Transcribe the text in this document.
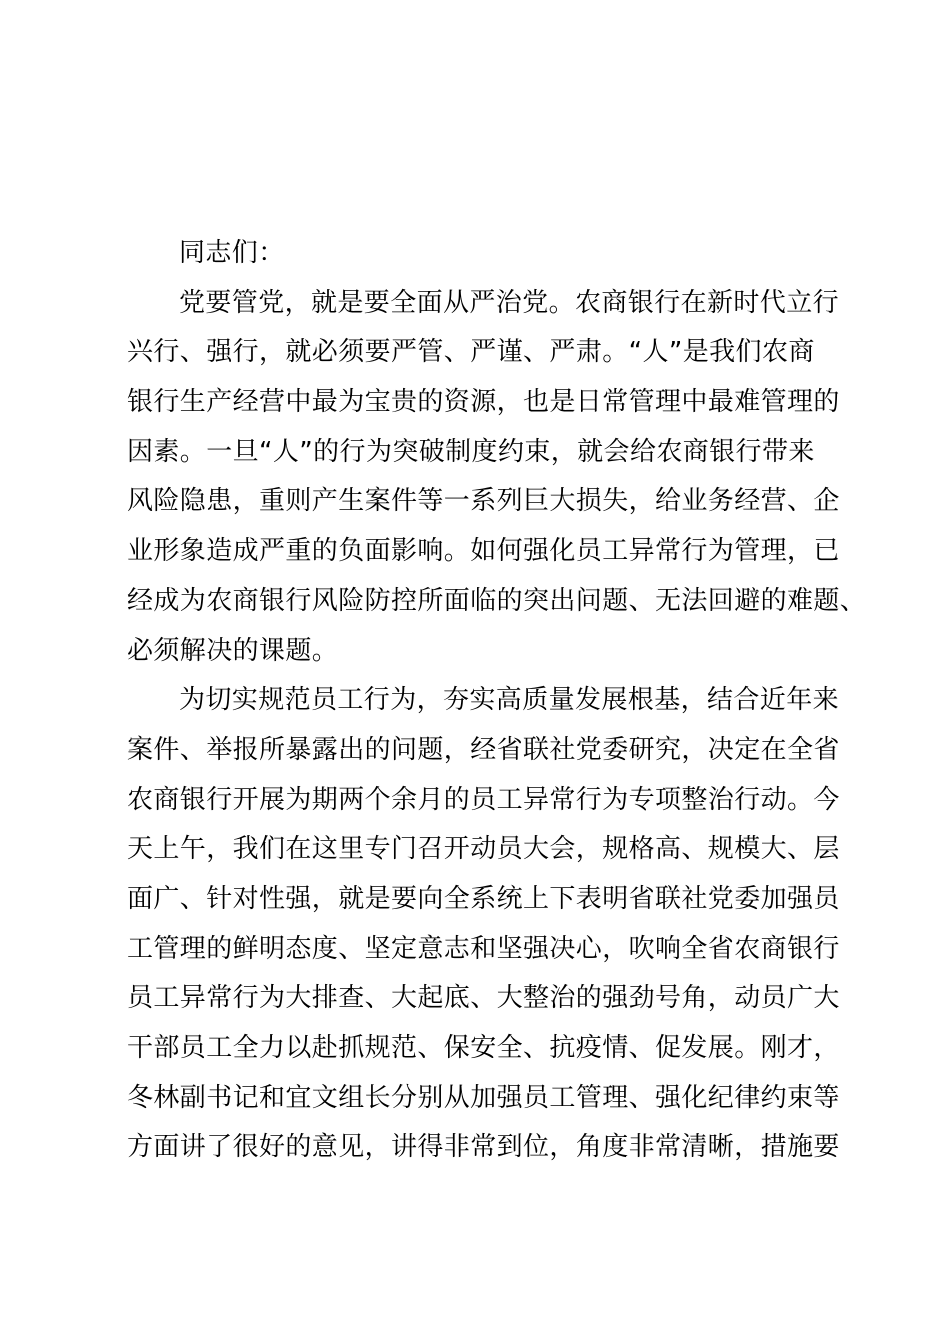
同志们：
党要管党，就是要全面从严治党。农商银行在新时代立行
兴行、强行，就必须要严管、严谨、严肃。“人”是我们农商
银行生产经营中最为宝贵的资源，也是日常管理中最难管理的
因素。一旦“人”的行为突破制度约束，就会给农商银行带来
风险隐患，重则产生案件等一系列巨大损失，给业务经营、企
业形象造成严重的负面影响。如何强化员工异常行为管理，已
经成为农商银行风险防控所面临的突出问题、无法回避的难题、
必须解决的课题。
为切实规范员工行为，夯实高质量发展根基，结合近年来
案件、举报所暴露出的问题，经省联社党委研究，决定在全省
农商银行开展为期两个余月的员工异常行为专项整治行动。今
天上午，我们在这里专门召开动员大会，规格高、规模大、层
面广、针对性强，就是要向全系统上下表明省联社党委加强员
工管理的鲜明态度、坚定意志和坚强决心，吹响全省农商银行
员工异常行为大排查、大起底、大整治的强劲号角，动员广大
干部员工全力以赴抓规范、保安全、抗疫情、促发展。刚才，
冬林副书记和宜文组长分别从加强员工管理、强化纪律约束等
方面讲了很好的意见，讲得非常到位，角度非常清晰，措施要
